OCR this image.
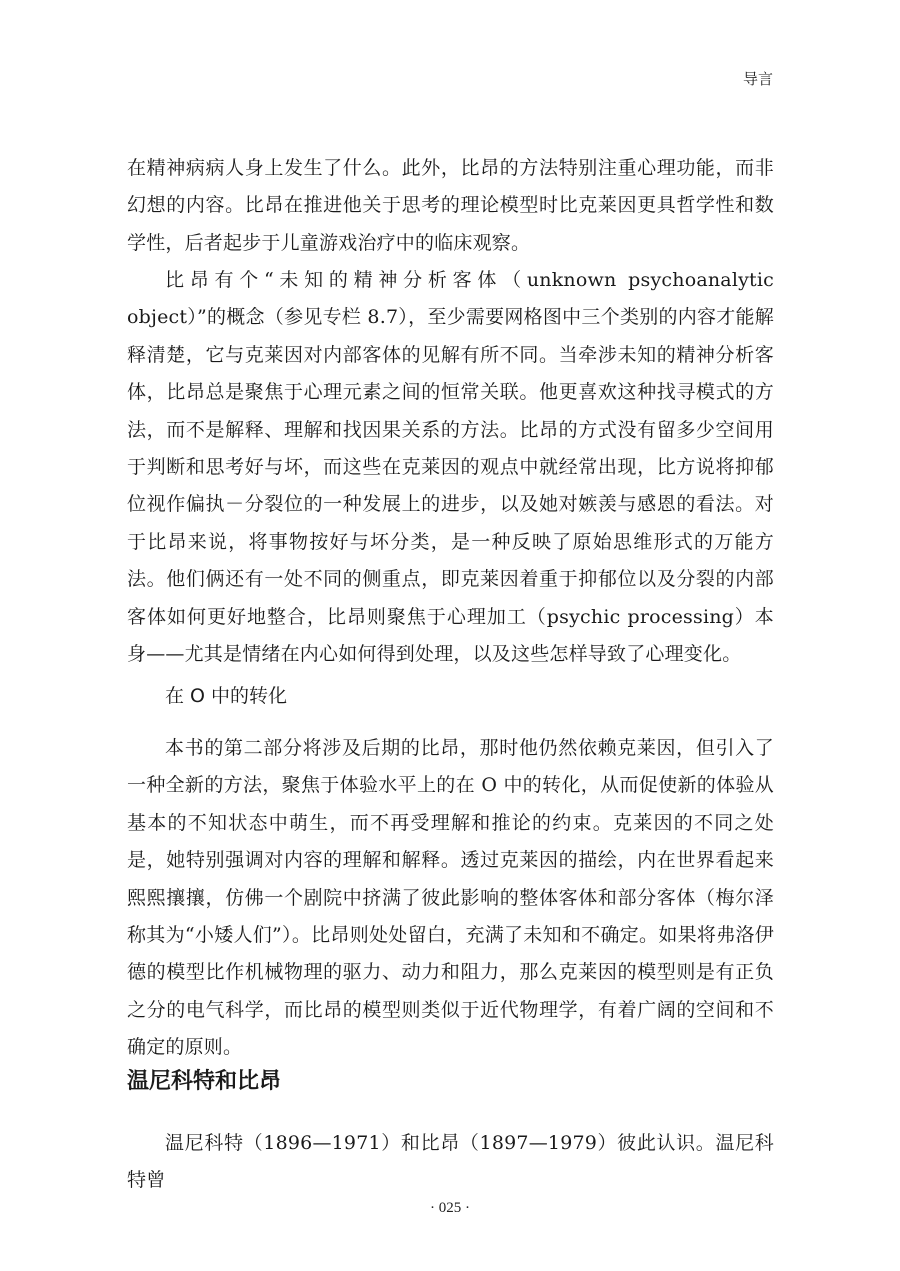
导言

在精神病病人身上发生了什么。此外，比昂的方法特别注重心理功能，而非幻想的内容。比昂在推进他关于思考的理论模型时比克莱因更具哲学性和数学性，后者起步于儿童游戏治疗中的临床观察。

比昂有个“未知的精神分析客体（unknown psychoanalytic object）”的概念（参见专栏 8.7），至少需要网格图中三个类别的内容才能解释清楚，它与克莱因对内部客体的见解有所不同。当牵涉未知的精神分析客体，比昂总是聚焦于心理元素之间的恒常关联。他更喜欢这种找寻模式的方法，而不是解释、理解和找因果关系的方法。比昂的方式没有留多少空间用于判断和思考好与坏，而这些在克莱因的观点中就经常出现，比方说将抑郁位视作偏执－分裂位的一种发展上的进步，以及她对嫉羡与感恩的看法。对于比昂来说，将事物按好与坏分类，是一种反映了原始思维形式的万能方法。他们俩还有一处不同的侧重点，即克莱因着重于抑郁位以及分裂的内部客体如何更好地整合，比昂则聚焦于心理加工（psychic processing）本身——尤其是情绪在内心如何得到处理，以及这些怎样导致了心理变化。

在 O 中的转化

本书的第二部分将涉及后期的比昂，那时他仍然依赖克莱因，但引入了一种全新的方法，聚焦于体验水平上的在 O 中的转化，从而促使新的体验从基本的不知状态中萌生，而不再受理解和推论的约束。克莱因的不同之处是，她特别强调对内容的理解和解释。透过克莱因的描绘，内在世界看起来熙熙攘攘，仿佛一个剧院中挤满了彼此影响的整体客体和部分客体（梅尔泽称其为“小矮人们”）。比昂则处处留白，充满了未知和不确定。如果将弗洛伊德的模型比作机械物理的驱力、动力和阻力，那么克莱因的模型则是有正负之分的电气科学，而比昂的模型则类似于近代物理学，有着广阔的空间和不确定的原则。

温尼科特和比昂

温尼科特（1896—1971）和比昂（1897—1979）彼此认识。温尼科特曾

· 025 ·
